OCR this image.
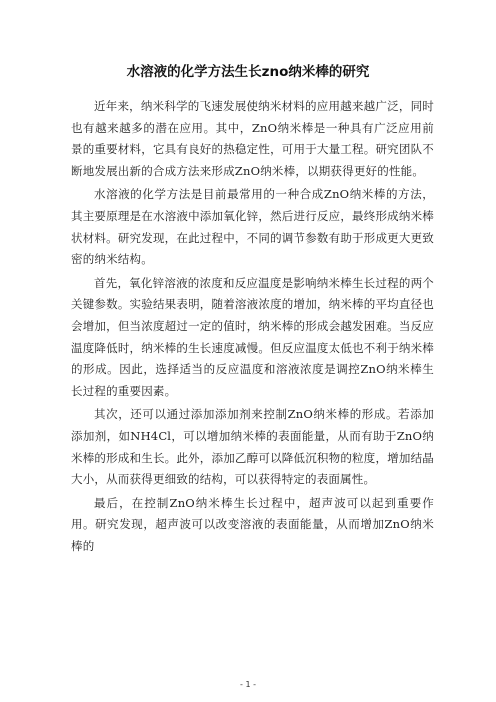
水溶液的化学方法生长zno纳米棒的研究

近年来，纳米科学的飞速发展使纳米材料的应用越来越广泛，同时也有越来越多的潜在应用。其中，ZnO纳米棒是一种具有广泛应用前景的重要材料，它具有良好的热稳定性，可用于大量工程。研究团队不断地发展出新的合成方法来形成ZnO纳米棒，以期获得更好的性能。

水溶液的化学方法是目前最常用的一种合成ZnO纳米棒的方法，其主要原理是在水溶液中添加氧化锌，然后进行反应，最终形成纳米棒状材料。研究发现，在此过程中，不同的调节参数有助于形成更大更致密的纳米结构。

首先，氧化锌溶液的浓度和反应温度是影响纳米棒生长过程的两个关键参数。实验结果表明，随着溶液浓度的增加，纳米棒的平均直径也会增加，但当浓度超过一定的值时，纳米棒的形成会越发困难。当反应温度降低时，纳米棒的生长速度减慢。但反应温度太低也不利于纳米棒的形成。因此，选择适当的反应温度和溶液浓度是调控ZnO纳米棒生长过程的重要因素。

其次，还可以通过添加添加剂来控制ZnO纳米棒的形成。若添加添加剂，如NH4Cl，可以增加纳米棒的表面能量，从而有助于ZnO纳米棒的形成和生长。此外，添加乙醇可以降低沉积物的粒度，增加结晶大小，从而获得更细致的结构，可以获得特定的表面属性。

最后，在控制ZnO纳米棒生长过程中，超声波可以起到重要作用。研究发现，超声波可以改变溶液的表面能量，从而增加ZnO纳米棒的

- 1 -
